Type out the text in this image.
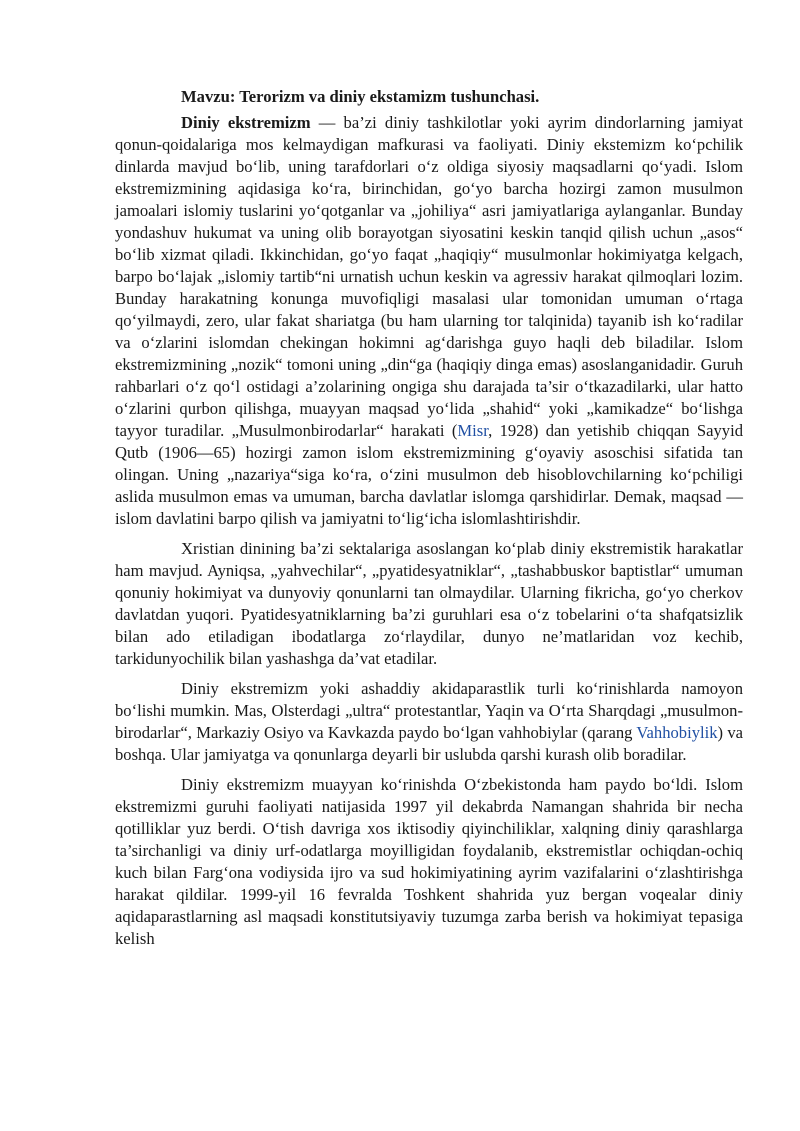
Mavzu: Terorizm va diniy ekstamizm tushunchasi.

Diniy ekstremizm — ba’zi diniy tashkilotlar yoki ayrim dindorlarning jamiyat qonun-qoidalariga mos kelmaydigan mafkurasi va faoliyati. Diniy ekstemizm ko‘pchilik dinlarda mavjud bo‘lib, uning tarafdorlari o‘z oldiga siyosiy maqsadlarni qo‘yadi. Islom ekstremizmining aqidasiga ko‘ra, birinchidan, go‘yo barcha hozirgi zamon musulmon jamoalari islomiy tuslarini yo‘qotganlar va „johiliya“ asri jamiyatlariga aylanganlar. Bunday yondashuv hukumat va uning olib borayotgan siyosatini keskin tanqid qilish uchun „asos“ bo‘lib xizmat qiladi. Ikkinchidan, go‘yo faqat „haqiqiy“ musulmonlar hokimiyatga kelgach, barpo bo‘lajak „islomiy tartib“ni urnatish uchun keskin va agressiv harakat qilmoqlari lozim. Bunday harakatning konunga muvofiqligi masalasi ular tomonidan umuman o‘rtaga qo‘yilmaydi, zero, ular fakat shariatga (bu ham ularning tor talqinida) tayanib ish ko‘radilar va o‘zlarini islomdan chekingan hokimni ag‘darishga guyo haqli deb biladilar. Islom ekstremizmining „nozik“ tomoni uning „din“ga (haqiqiy dinga emas) asoslanganidadir. Guruh rahbarlari o‘z qo‘l ostidagi a’zolarining ongiga shu darajada ta’sir o‘tkazadilarki, ular hatto o‘zlarini qurbon qilishga, muayyan maqsad yo‘lida „shahid“ yoki „kamikadze“ bo‘lishga tayyor turadilar. „Musulmonbirodarlar“ harakati (Misr, 1928) dan yetishib chiqqan Sayyid Qutb (1906—65) hozirgi zamon islom ekstremizmining g‘oyaviy asoschisi sifatida tan olingan. Uning „nazariya“siga ko‘ra, o‘zini musulmon deb hisoblovchilarning ko‘pchiligi aslida musulmon emas va umuman, barcha davlatlar islomga qarshidirlar. Demak, maqsad — islom davlatini barpo qilish va jamiyatni to‘lig‘icha islomlashtirishdir.

Xristian dinining ba’zi sektalariga asoslangan ko‘plab diniy ekstremistik harakatlar ham mavjud. Ayniqsa, „yahvechilar“, „pyatidesyatniklar“, „tashabbuskor baptistlar“ umuman qonuniy hokimiyat va dunyoviy qonunlarni tan olmaydilar. Ularning fikricha, go‘yo cherkov davlatdan yuqori. Pyatidesyatniklarning ba’zi guruhlari esa o‘z tobelarini o‘ta shafqatsizlik bilan ado etiladigan ibodatlarga zo‘rlaydilar, dunyo ne’matlaridan voz kechib, tarkidunyochilik bilan yashashga da’vat etadilar.

Diniy ekstremizm yoki ashaddiy akidaparastlik turli ko‘rinishlarda namoyon bo‘lishi mumkin. Mas, Olsterdagi „ultra“ protestantlar, Yaqin va O‘rta Sharqdagi „musulmon-birodarlar“, Markaziy Osiyo va Kavkazda paydo bo‘lgan vahhobiylar (qarang Vahhobiylik) va boshqa. Ular jamiyatga va qonunlarga deyarli bir uslubda qarshi kurash olib boradilar.

Diniy ekstremizm muayyan ko‘rinishda O‘zbekistonda ham paydo bo‘ldi. Islom ekstremizmi guruhi faoliyati natijasida 1997 yil dekabrda Namangan shahrida bir necha qotilliklar yuz berdi. O‘tish davriga xos iktisodiy qiyinchiliklar, xalqning diniy qarashlarga ta’sirchanligi va diniy urf-odatlarga moyilligidan foydalanib, ekstremistlar ochiqdan-ochiq kuch bilan Farg‘ona vodiysida ijro va sud hokimiyatining ayrim vazifalarini o‘zlashtirishga harakat qildilar. 1999-yil 16 fevralda Toshkent shahrida yuz bergan voqealar diniy aqidaparastlarning asl maqsadi konstitutsiyaviy tuzumga zarba berish va hokimiyat tepasiga kelish
